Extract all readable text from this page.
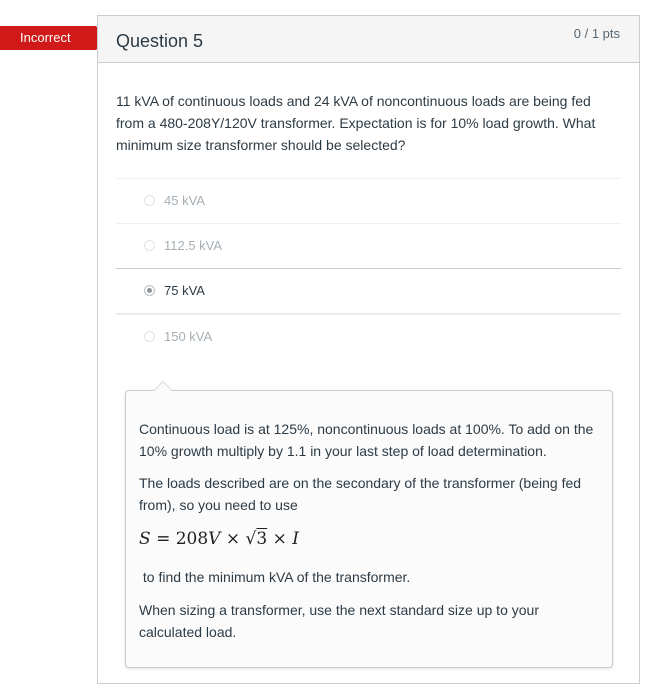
Incorrect	Question 5	0 / 1 pts
11 kVA of continuous loads and 24 kVA of noncontinuous loads are being fed from a 480-208Y/120V transformer. Expectation is for 10% load growth. What minimum size transformer should be selected?
45 kVA
112.5 kVA
75 kVA
150 kVA
Continuous load is at 125%, noncontinuous loads at 100%. To add on the 10% growth multiply by 1.1 in your last step of load determination.
The loads described are on the secondary of the transformer (being fed from), so you need to use
S = 208V × √3 × I
to find the minimum kVA of the transformer.
When sizing a transformer, use the next standard size up to your calculated load.
